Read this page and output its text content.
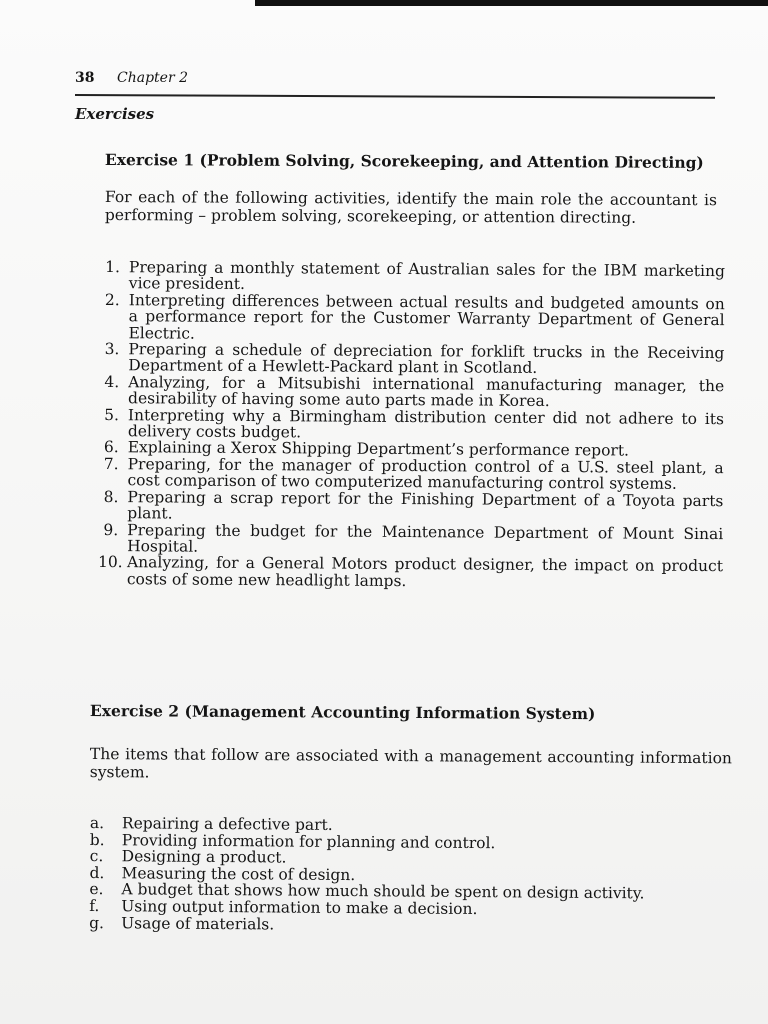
38 Chapter 2
Exercises
Exercise 1 (Problem Solving, Scorekeeping, and Attention Directing)
For each of the following activities, identify the main role the accountant is performing – problem solving, scorekeeping, or attention directing.
1. Preparing a monthly statement of Australian sales for the IBM marketing vice president.
2. Interpreting differences between actual results and budgeted amounts on a performance report for the Customer Warranty Department of General Electric.
3. Preparing a schedule of depreciation for forklift trucks in the Receiving Department of a Hewlett-Packard plant in Scotland.
4. Analyzing, for a Mitsubishi international manufacturing manager, the desirability of having some auto parts made in Korea.
5. Interpreting why a Birmingham distribution center did not adhere to its delivery costs budget.
6. Explaining a Xerox Shipping Department’s performance report.
7. Preparing, for the manager of production control of a U.S. steel plant, a cost comparison of two computerized manufacturing control systems.
8. Preparing a scrap report for the Finishing Department of a Toyota parts plant.
9. Preparing the budget for the Maintenance Department of Mount Sinai Hospital.
10. Analyzing, for a General Motors product designer, the impact on product costs of some new headlight lamps.
Exercise 2 (Management Accounting Information System)
The items that follow are associated with a management accounting information system.
a.	Repairing a defective part.
b.	Providing information for planning and control.
c.	Designing a product.
d.	Measuring the cost of design.
e.	A budget that shows how much should be spent on design activity.
f.	Using output information to make a decision.
g.	Usage of materials.
